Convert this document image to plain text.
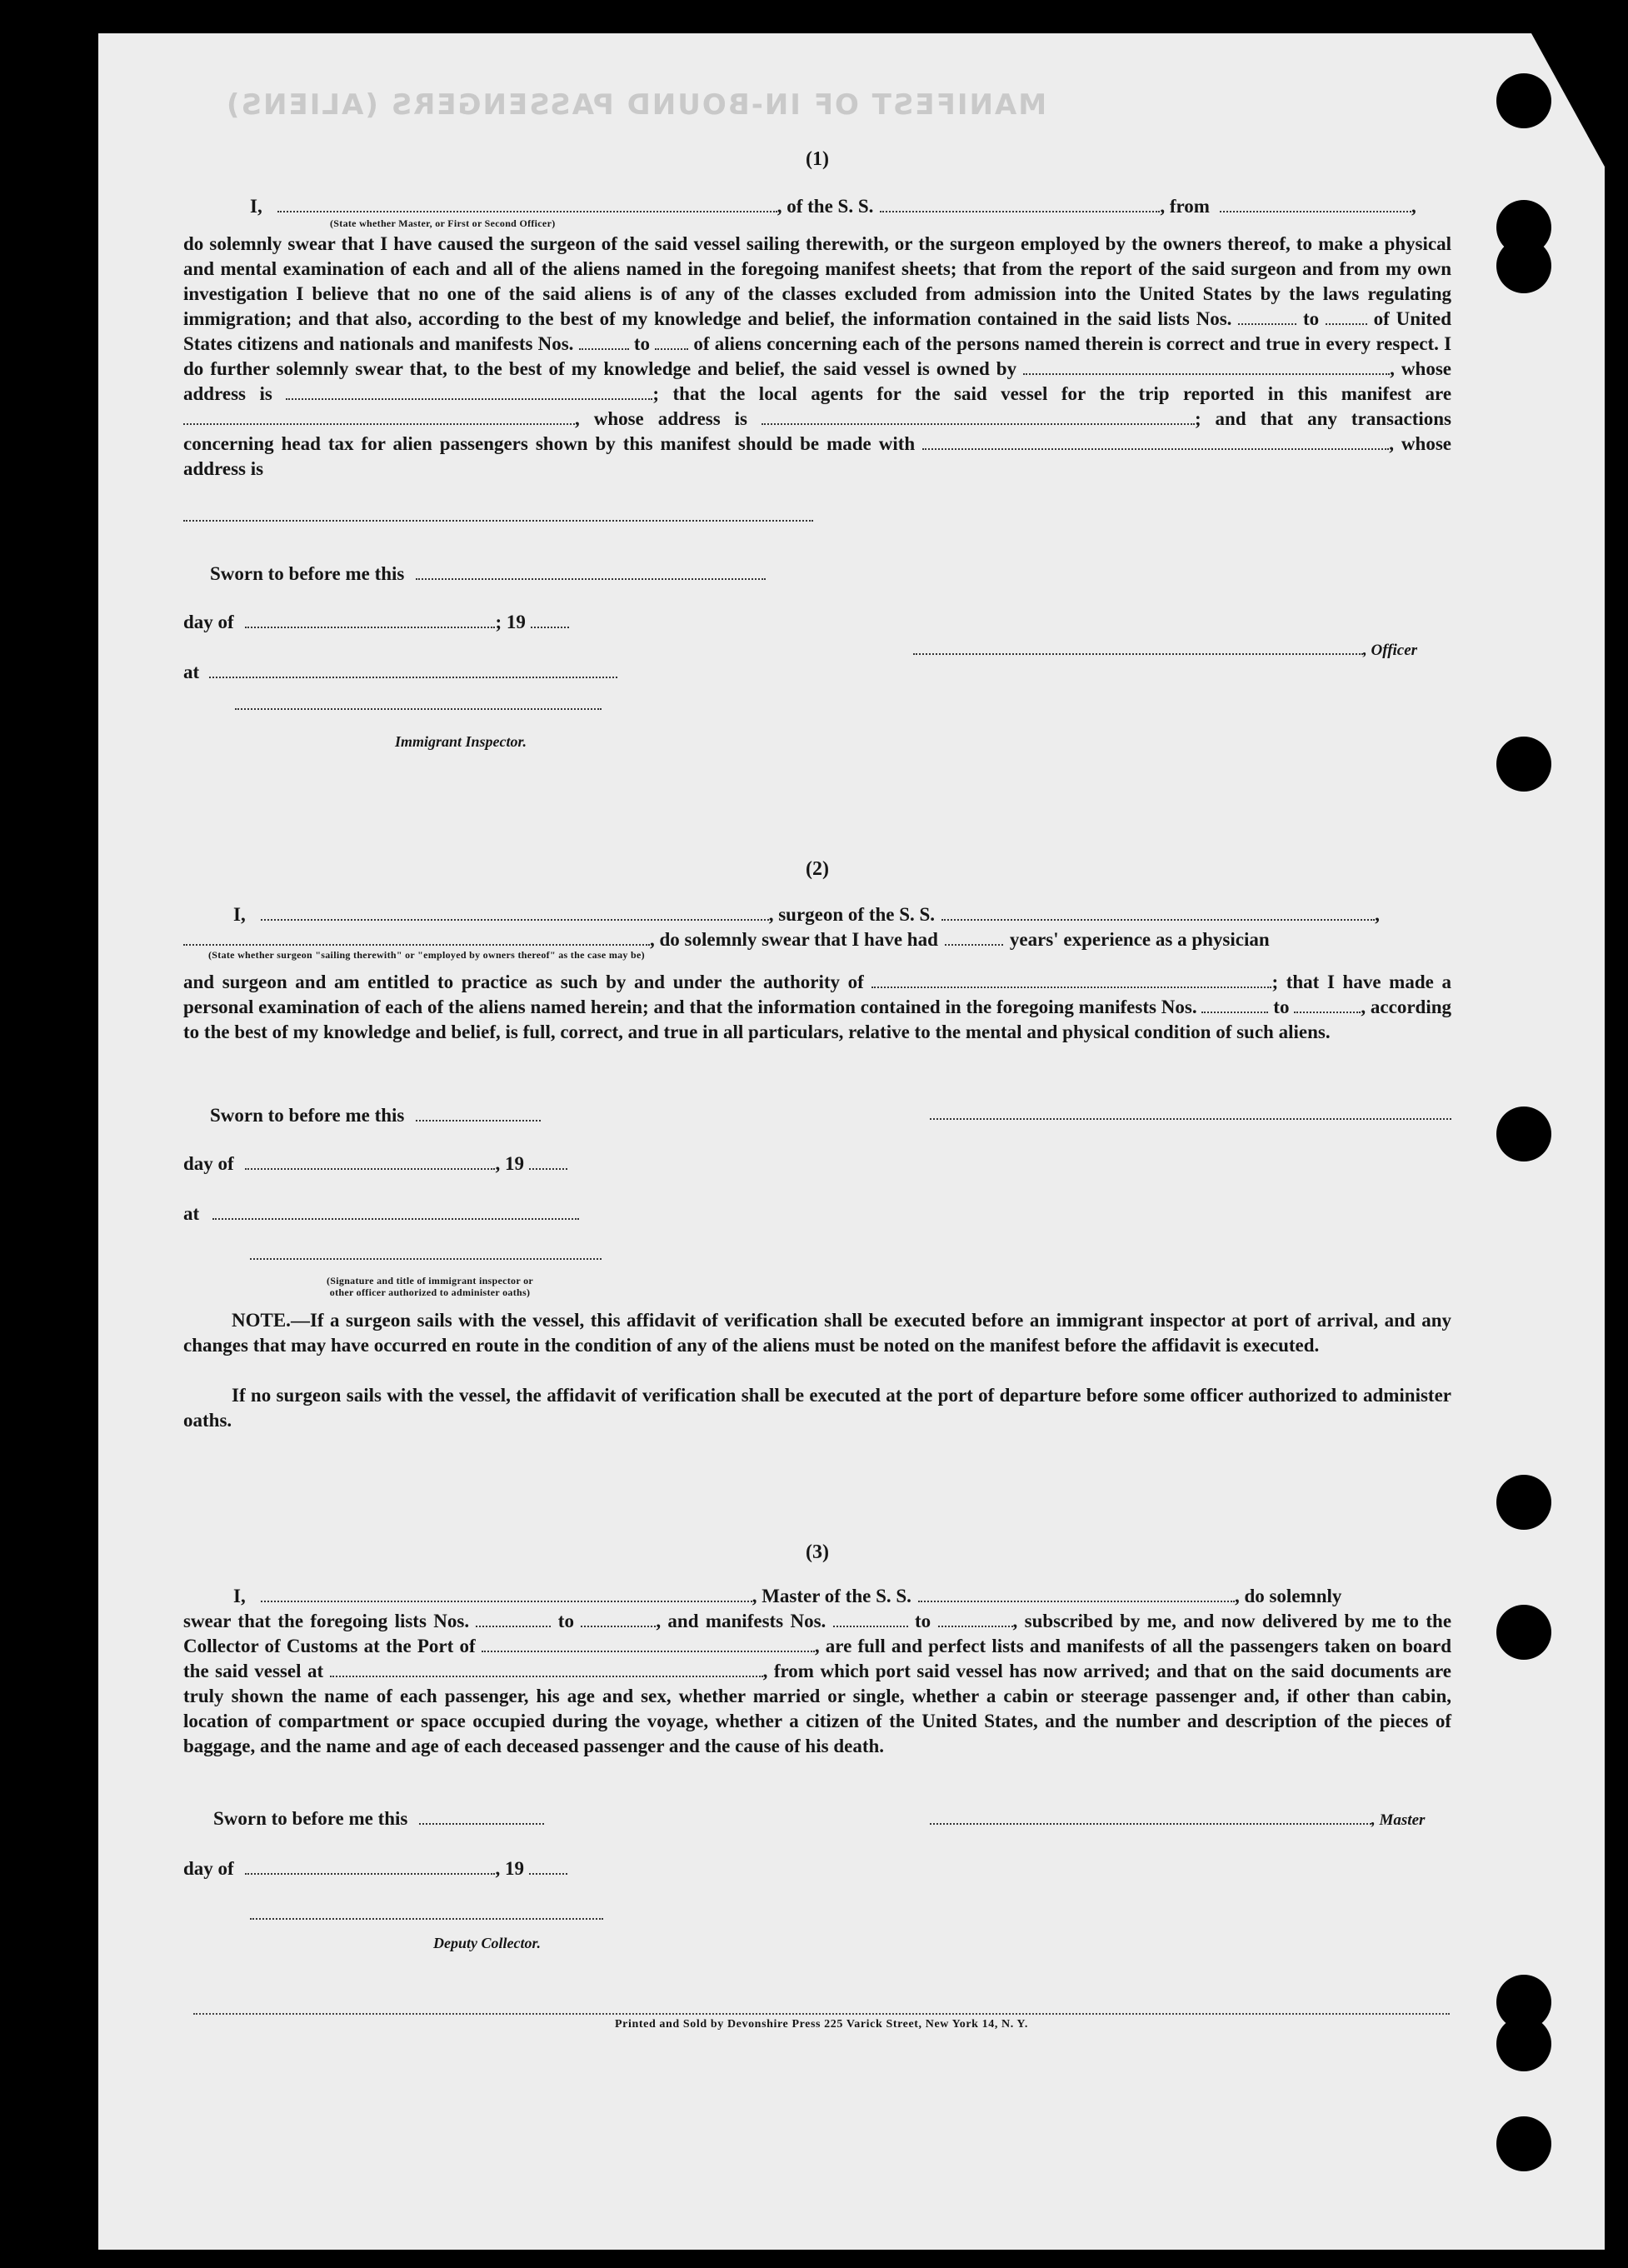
MANIFEST OF IN-BOUND PASSENGERS (ALIENS)
(1)
I,	, of the S. S.	, from	,
(State whether Master, or First or Second Officer)
do solemnly swear that I have caused the surgeon of the said vessel sailing therewith, or the surgeon employed by the owners thereof, to make a physical and mental examination of each and all of the aliens named in the foregoing manifest sheets; that from the report of the said surgeon and from my own investigation I believe that no one of the said aliens is of any of the classes excluded from admission into the United States by the laws regulating immigration; and that also, according to the best of my knowledge and belief, the information contained in the said lists Nos.	to	of United States citizens and nationals and manifests Nos.	to of aliens concerning each of the persons named therein is correct and true in every respect. I do further solemnly swear that, to the best of my knowledge and belief, the said vessel is owned by	, whose address is	; that the local agents for the said vessel for the trip reported in this manifest are , whose address is	; and that any transactions concerning head tax for alien passengers shown by this manifest should be made with	, whose address is
Sworn to before me this
day of	; 19
, Officer
at
Immigrant Inspector.
(2)
I,	, surgeon of the S. S.	,
, do solemnly swear that I have had	years' experience as a physician
(State whether surgeon "sailing therewith" or "employed by owners thereof" as the case may be)
and surgeon and am entitled to practice as such by and under the authority of	; that I have made a personal examination of each of the aliens named herein; and that the information contained in the foregoing manifests Nos.	to	, according to the best of my knowledge and belief, is full, correct, and true in all particulars, relative to the mental and physical condition of such aliens.
Sworn to before me this
day of	, 19
at
(Signature and title of immigrant inspector or
other officer authorized to administer oaths)
NOTE.—If a surgeon sails with the vessel, this affidavit of verification shall be executed before an immigrant inspector at port of arrival, and any changes that may have occurred en route in the condition of any of the aliens must be noted on the manifest before the affidavit is executed.
If no surgeon sails with the vessel, the affidavit of verification shall be executed at the port of departure before some officer authorized to administer oaths.
(3)
I,	, Master of the S. S.	, do solemnly
swear that the foregoing lists Nos.	to	, and manifests Nos.	to	, subscribed by me, and now delivered by me to the Collector of Customs at the Port of	, are full and perfect lists and manifests of all the passengers taken on board the said vessel at	, from which port said vessel has now arrived; and that on the said documents are truly shown the name of each passenger, his age and sex, whether married or single, whether a cabin or steerage passenger and, if other than cabin, location of compartment or space occupied during the voyage, whether a citizen of the United States, and the number and description of the pieces of baggage, and the name and age of each deceased passenger and the cause of his death.
Sworn to before me this	, Master
day of	, 19
Deputy Collector.
Printed and Sold by Devonshire Press 225 Varick Street, New York 14, N. Y.
